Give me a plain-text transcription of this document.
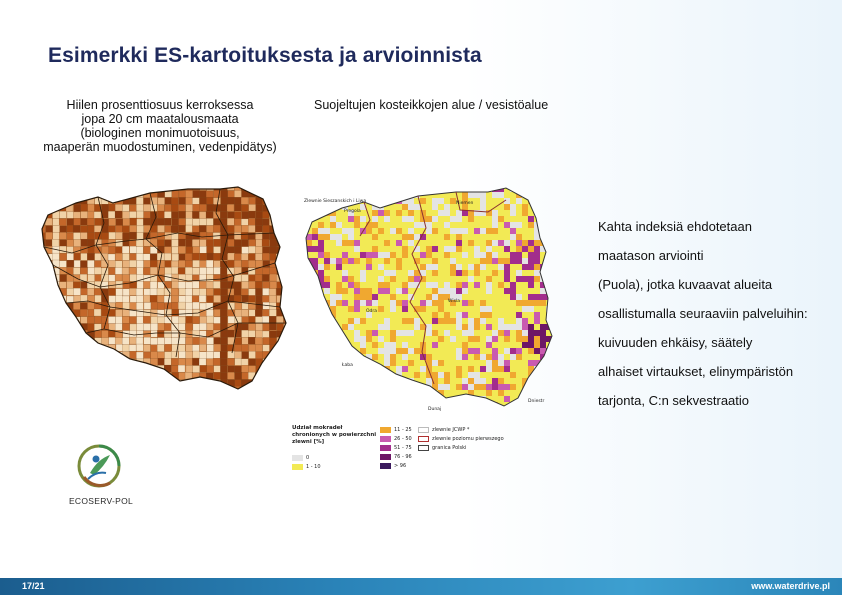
Esimerkki ES-kartoituksesta ja arvioinnista
Hiilen prosenttiosuus kerroksessa
jopa 20 cm maatalousmaata
(biologinen monimuotoisuus,
maaperän muodostuminen, vedenpidätys)
Suojeltujen kosteikkojen alue / vesistöalue
Zlewnie Sieszanskich i Liwa
Pregola
Niemen
Wisla
Odra
Łaba
Dunaj
Dniestr
Udział mokradeł chronionych w powierzchni zlewni [%]
0
1 - 10
11 - 25
26 - 50
51 - 75
76 - 96
> 96
zlewnie JCWP *
zlewnie poziomu pierwszego
granica Polski
Kahta indeksiä ehdotetaan
maatason arviointi
(Puola), jotka kuvaavat alueita
osallistumalla seuraaviin palveluihin:
kuivuuden ehkäisy, säätely
alhaiset virtaukset, elinympäristön
tarjonta, C:n sekvestraatio
ECOSERV-POL
17/21	www.waterdrive.pl
